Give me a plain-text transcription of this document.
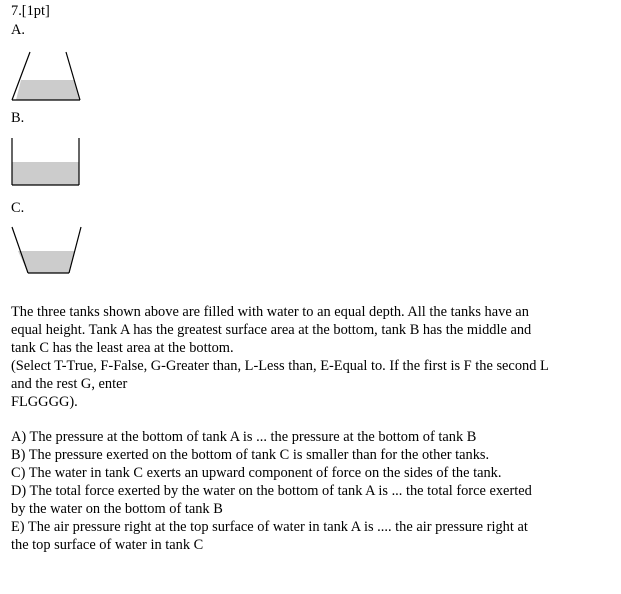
7.[1pt]
A.
B.
C.

The three tanks shown above are filled with water to an equal depth. All the tanks have an

equal height. Tank A has the greatest surface area at the bottom, tank B has the middle and

tank C has the least area at the bottom.

(Select T-True, F-False, G-Greater than, L-Less than, E-Equal to. If the first is F the second L

and the rest G, enter

FLGGGG).

A) The pressure at the bottom of tank A is ... the pressure at the bottom of tank B

B) The pressure exerted on the bottom of tank C is smaller than for the other tanks.

C) The water in tank C exerts an upward component of force on the sides of the tank.

D) The total force exerted by the water on the bottom of tank A is ... the total force exerted

by the water on the bottom of tank B

E) The air pressure right at the top surface of water in tank A is .... the air pressure right at

the top surface of water in tank C
